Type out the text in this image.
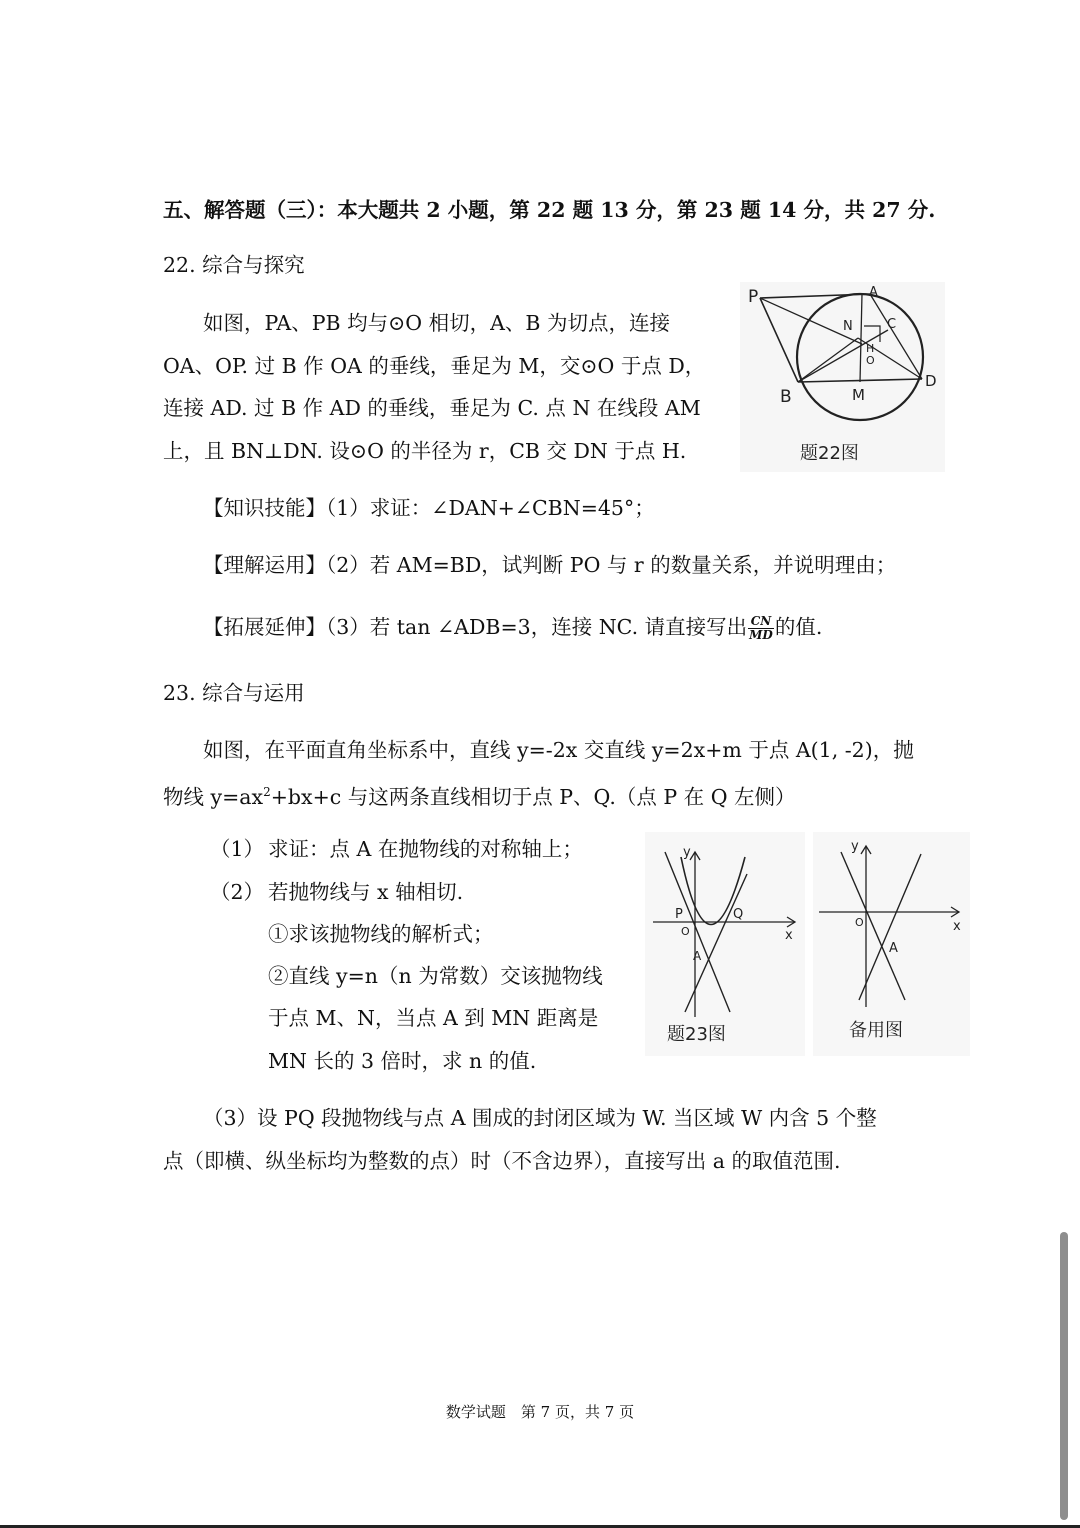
五、解答题（三）：本大题共 2 小题，第 22 题 13 分，第 23 题 14 分，共 27 分.
22. 综合与探究
如图，PA、PB 均与⊙O 相切，A、B 为切点，连接
OA、OP. 过 B 作 OA 的垂线，垂足为 M，交⊙O 于点 D，
连接 AD. 过 B 作 AD 的垂线，垂足为 C. 点 N 在线段 AM
上，且 BN⊥DN. 设⊙O 的半径为 r，CB 交 DN 于点 H.
【知识技能】（1）求证：∠DAN+∠CBN=45°；
【理解运用】（2）若 AM=BD，试判断 PO 与 r 的数量关系，并说明理由；
【拓展延伸】（3）若 tan ∠ADB=3，连接 NC. 请直接写出 $\frac{CN}{MD}$ 的值.
P	A
N	C
H
O
B	M
D
题22图
23. 综合与运用
如图，在平面直角坐标系中，直线 y=-2x 交直线 y=2x+m 于点 A(1, -2)，抛
物线 $y=ax^2+bx+c$ 与这两条直线相切于点 P、Q.（点 P 在 Q 左侧）
（1） 求证：点 A 在抛物线的对称轴上；
（2） 若抛物线与 x 轴相切.
①求该抛物线的解析式；
②直线 y=n（n 为常数）交该抛物线
于点 M、N，当点 A 到 MN 距离是
MN 长的 3 倍时，求 n 的值.
y
x
O
P	Q
A
题23图
y
x
O
A
备用图
（3）设 PQ 段抛物线与点 A 围成的封闭区域为 W. 当区域 W 内含 5 个整
点（即横、纵坐标均为整数的点）时（不含边界），直接写出 a 的取值范围.
数学试题　第 7 页，共 7 页
